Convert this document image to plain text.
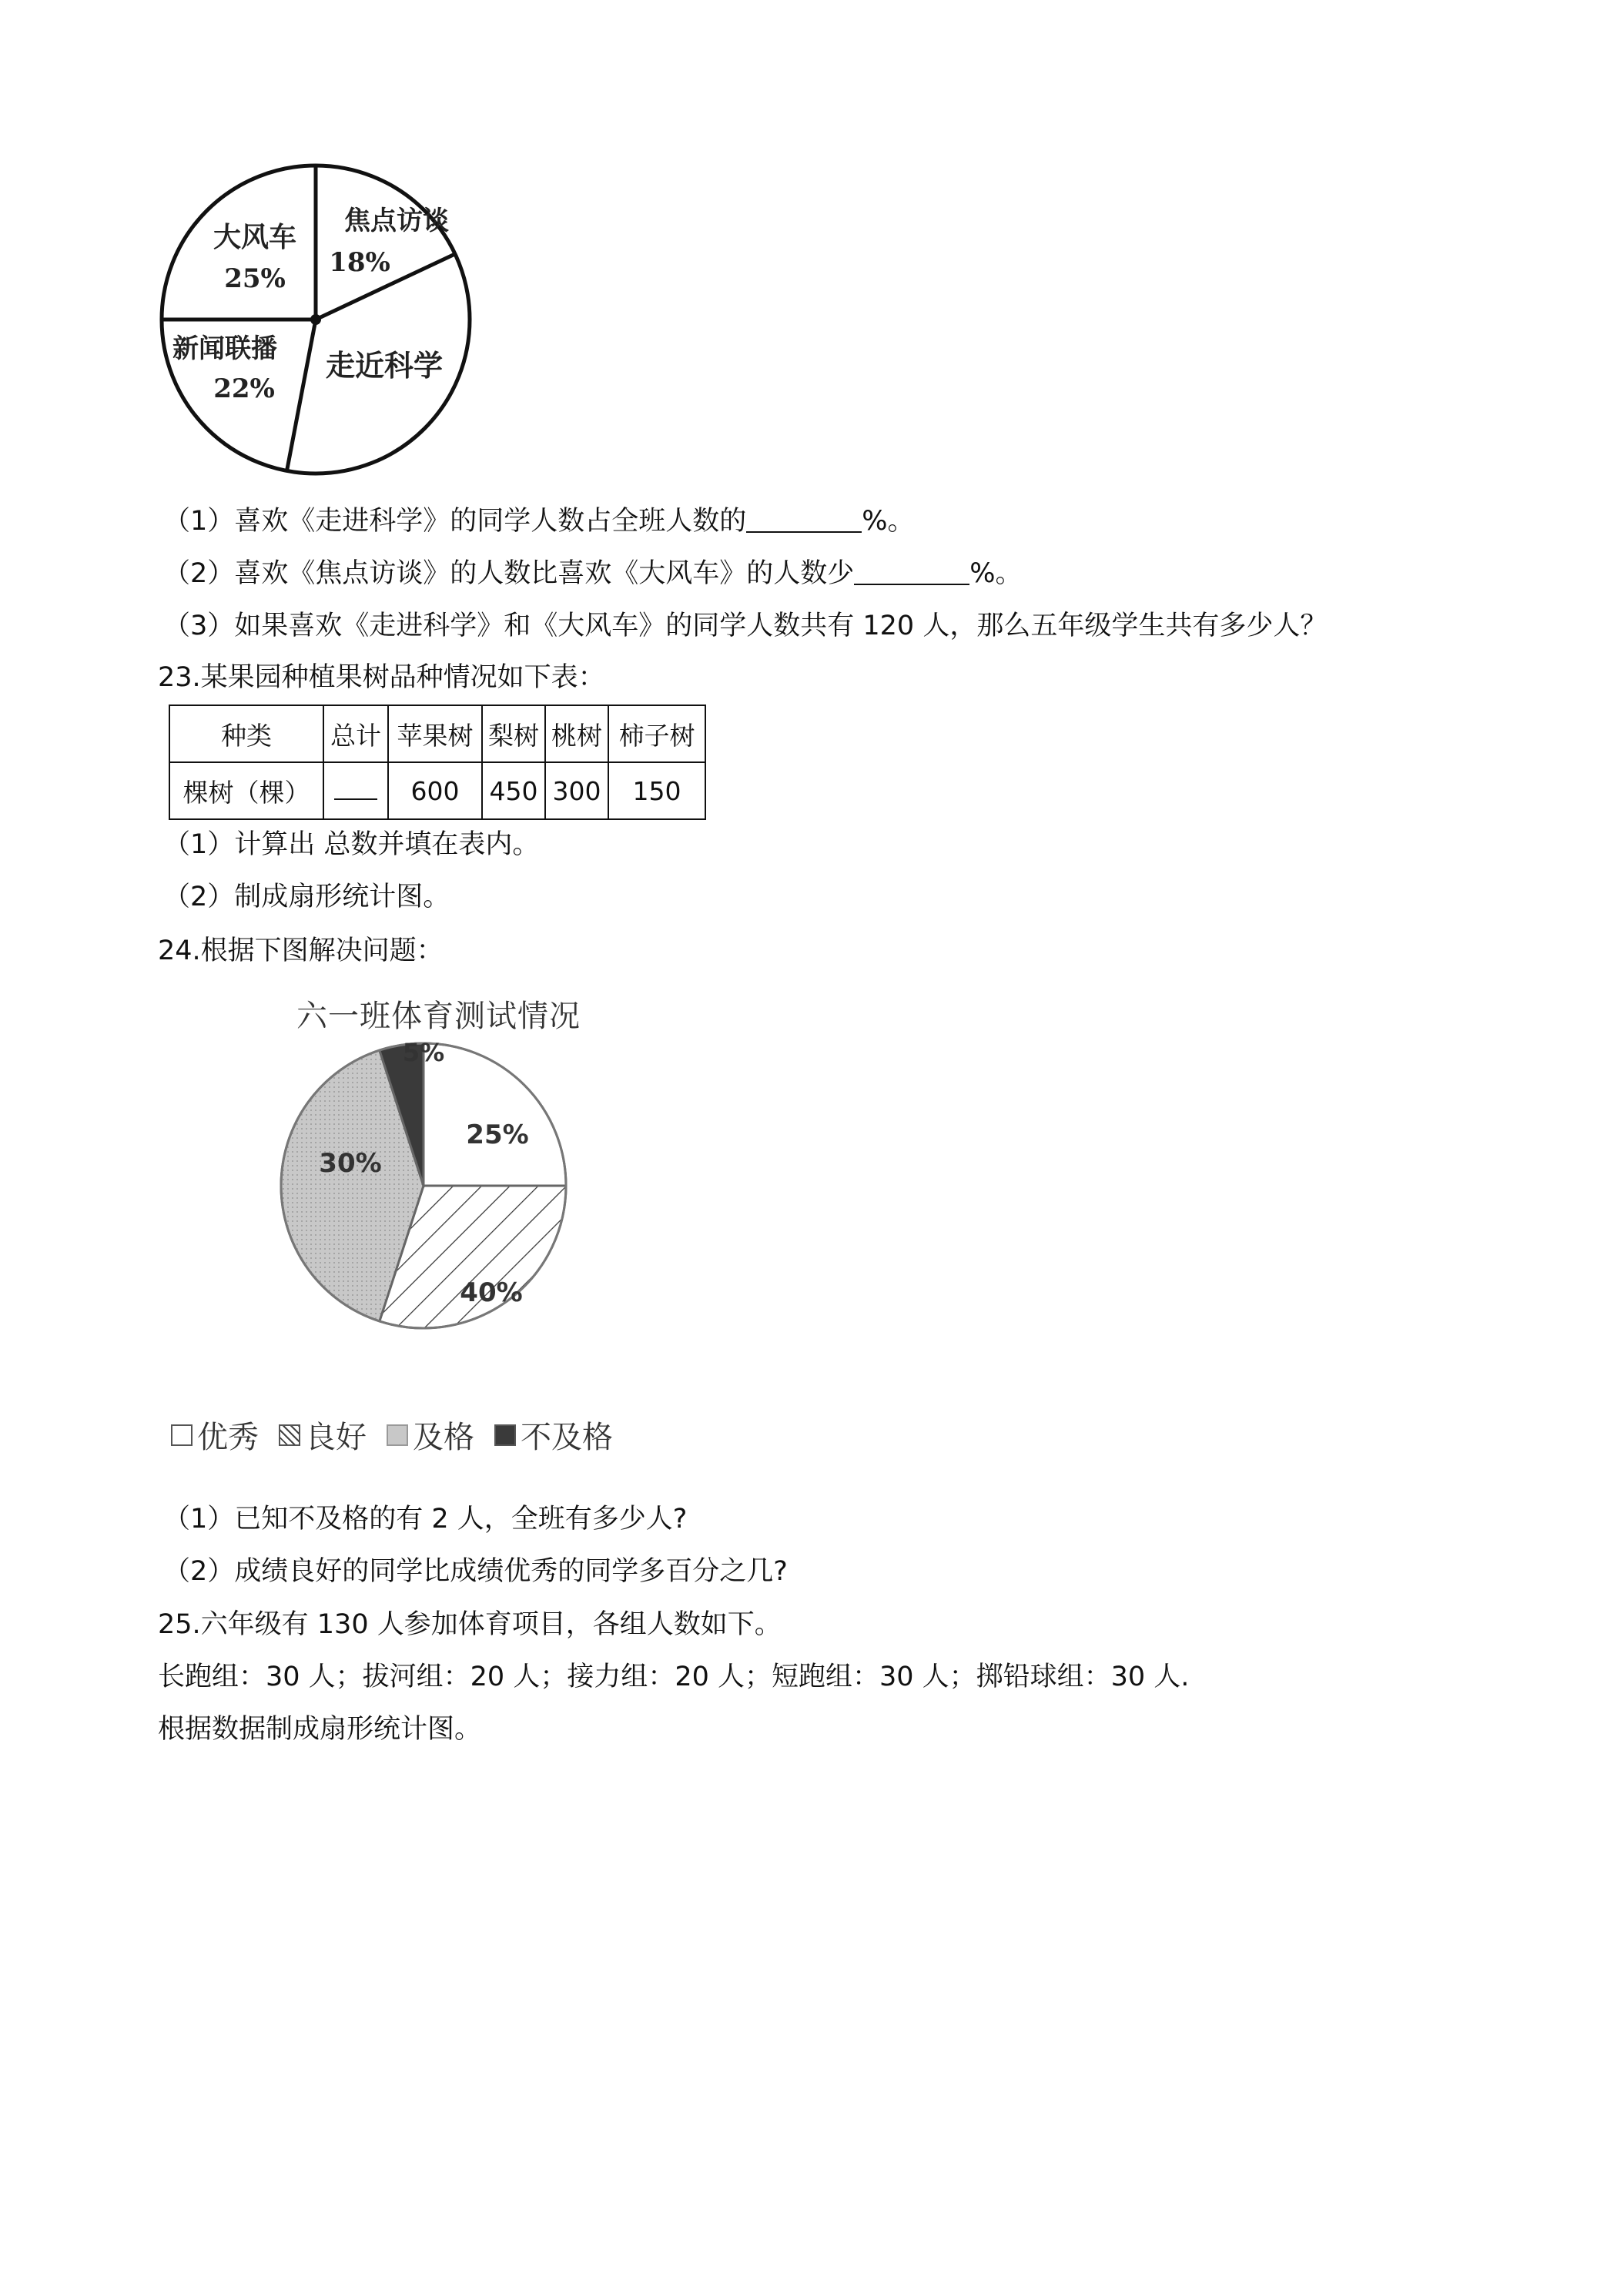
大风车
25%
焦点访谈
18%
走近科学
新闻联播
22%
（1）喜欢《走进科学》的同学人数占全班人数的	%。
（2）喜欢《焦点访谈》的人数比喜欢《大风车》的人数少	%。
（3）如果喜欢《走进科学》和《大风车》的同学人数共有 120 人，那么五年级学生共有多少人？
23.某果园种植果树品种情况如下表：
种类	总计	苹果树	梨树	桃树	柿子树
棵树（棵）		600	450	300	150
（1）计算出 总数并填在表内。
（2）制成扇形统计图。
24.根据下图解决问题：
六一班体育测试情况
5%
25%
30%
40%
优秀 良好 及格 不及格
（1）已知不及格的有 2 人，全班有多少人?
（2）成绩良好的同学比成绩优秀的同学多百分之几?
25.六年级有 130 人参加体育项目，各组人数如下。
长跑组：30 人；拔河组：20 人；接力组：20 人；短跑组：30 人；掷铅球组：30 人.
根据数据制成扇形统计图。
